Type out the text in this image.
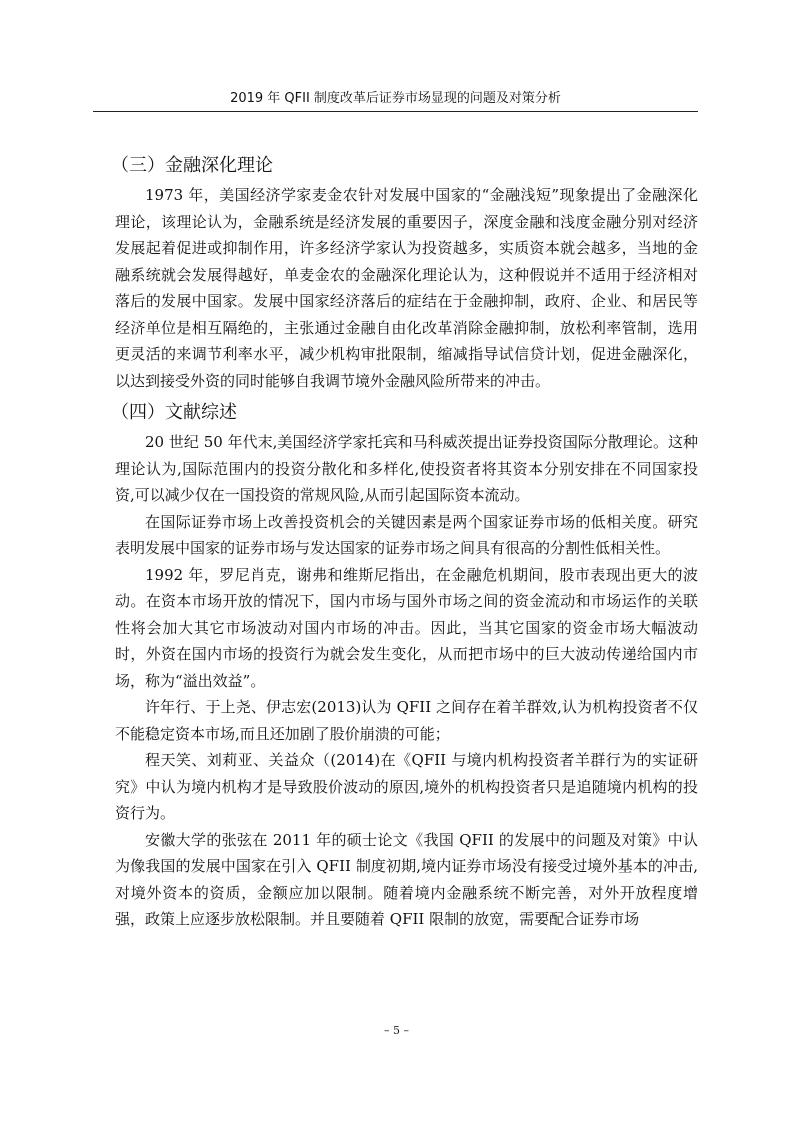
2019 年 QFII 制度改革后证券市场显现的问题及对策分析
（三）金融深化理论

1973 年，美国经济学家麦金农针对发展中国家的“金融浅短”现象提出了金融深化理论，该理论认为，金融系统是经济发展的重要因子，深度金融和浅度金融分别对经济发展起着促进或抑制作用，许多经济学家认为投资越多，实质资本就会越多，当地的金融系统就会发展得越好，单麦金农的金融深化理论认为，这种假说并不适用于经济相对落后的发展中国家。发展中国家经济落后的症结在于金融抑制，政府、企业、和居民等经济单位是相互隔绝的，主张通过金融自由化改革消除金融抑制，放松利率管制，选用更灵活的来调节利率水平，减少机构审批限制，缩减指导试信贷计划，促进金融深化，以达到接受外资的同时能够自我调节境外金融风险所带来的冲击。

（四）文献综述

20 世纪 50 年代末,美国经济学家托宾和马科威茨提出证券投资国际分散理论。这种理论认为,国际范围内的投资分散化和多样化,使投资者将其资本分别安排在不同国家投资,可以减少仅在一国投资的常规风险,从而引起国际资本流动。

在国际证券市场上改善投资机会的关键因素是两个国家证券市场的低相关度。研究表明发展中国家的证券市场与发达国家的证券市场之间具有很高的分割性低相关性。

1992 年，罗尼肖克，谢弗和维斯尼指出，在金融危机期间，股市表现出更大的波动。在资本市场开放的情况下，国内市场与国外市场之间的资金流动和市场运作的关联性将会加大其它市场波动对国内市场的冲击。因此，当其它国家的资金市场大幅波动时，外资在国内市场的投资行为就会发生变化，从而把市场中的巨大波动传递给国内市场，称为“溢出效益”。

许年行、于上尧、伊志宏(2013)认为 QFII 之间存在着羊群效,认为机构投资者不仅不能稳定资本市场,而且还加剧了股价崩溃的可能；

程天笑、刘莉亚、关益众（(2014)在《QFII 与境内机构投资者羊群行为的实证研究》中认为境内机构才是导致股价波动的原因,境外的机构投资者只是追随境内机构的投资行为。

安徽大学的张弦在 2011 年的硕士论文《我国 QFII 的发展中的问题及对策》中认为像我国的发展中国家在引入 QFII 制度初期,境内证券市场没有接受过境外基本的冲击,对境外资本的资质，金额应加以限制。随着境内金融系统不断完善，对外开放程度增强，政策上应逐步放松限制。并且要随着 QFII 限制的放宽，需要配合证券市场

– 5 –
